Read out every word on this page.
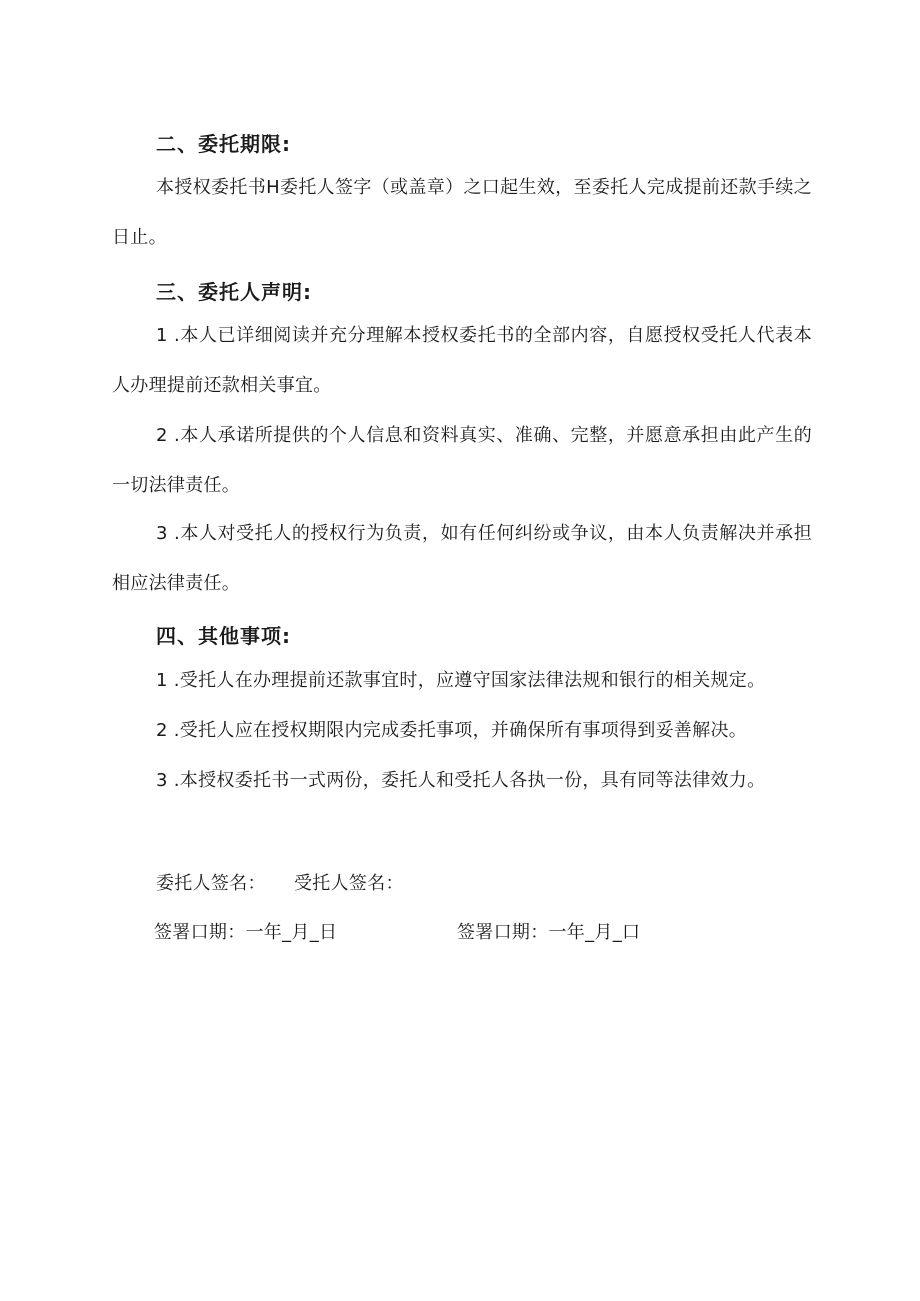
二、委托期限:
本授权委托书H委托人签字（或盖章）之口起生效，至委托人完成提前还款手续之日止。
三、委托人声明:
1 .本人已详细阅读并充分理解本授权委托书的全部内容，自愿授权受托人代表本人办理提前还款相关事宜。
2 .本人承诺所提供的个人信息和资料真实、准确、完整，并愿意承担由此产生的一切法律责任。
3 .本人对受托人的授权行为负责，如有任何纠纷或争议，由本人负责解决并承担相应法律责任。
四、其他事项:
1 .受托人在办理提前还款事宜时，应遵守国家法律法规和银行的相关规定。
2 .受托人应在授权期限内完成委托事项，并确保所有事项得到妥善解决。
3 .本授权委托书一式两份，委托人和受托人各执一份，具有同等法律效力。
委托人签名： 受托人签名：
签署口期：一年_月_日	签署口期：一年_月_口
